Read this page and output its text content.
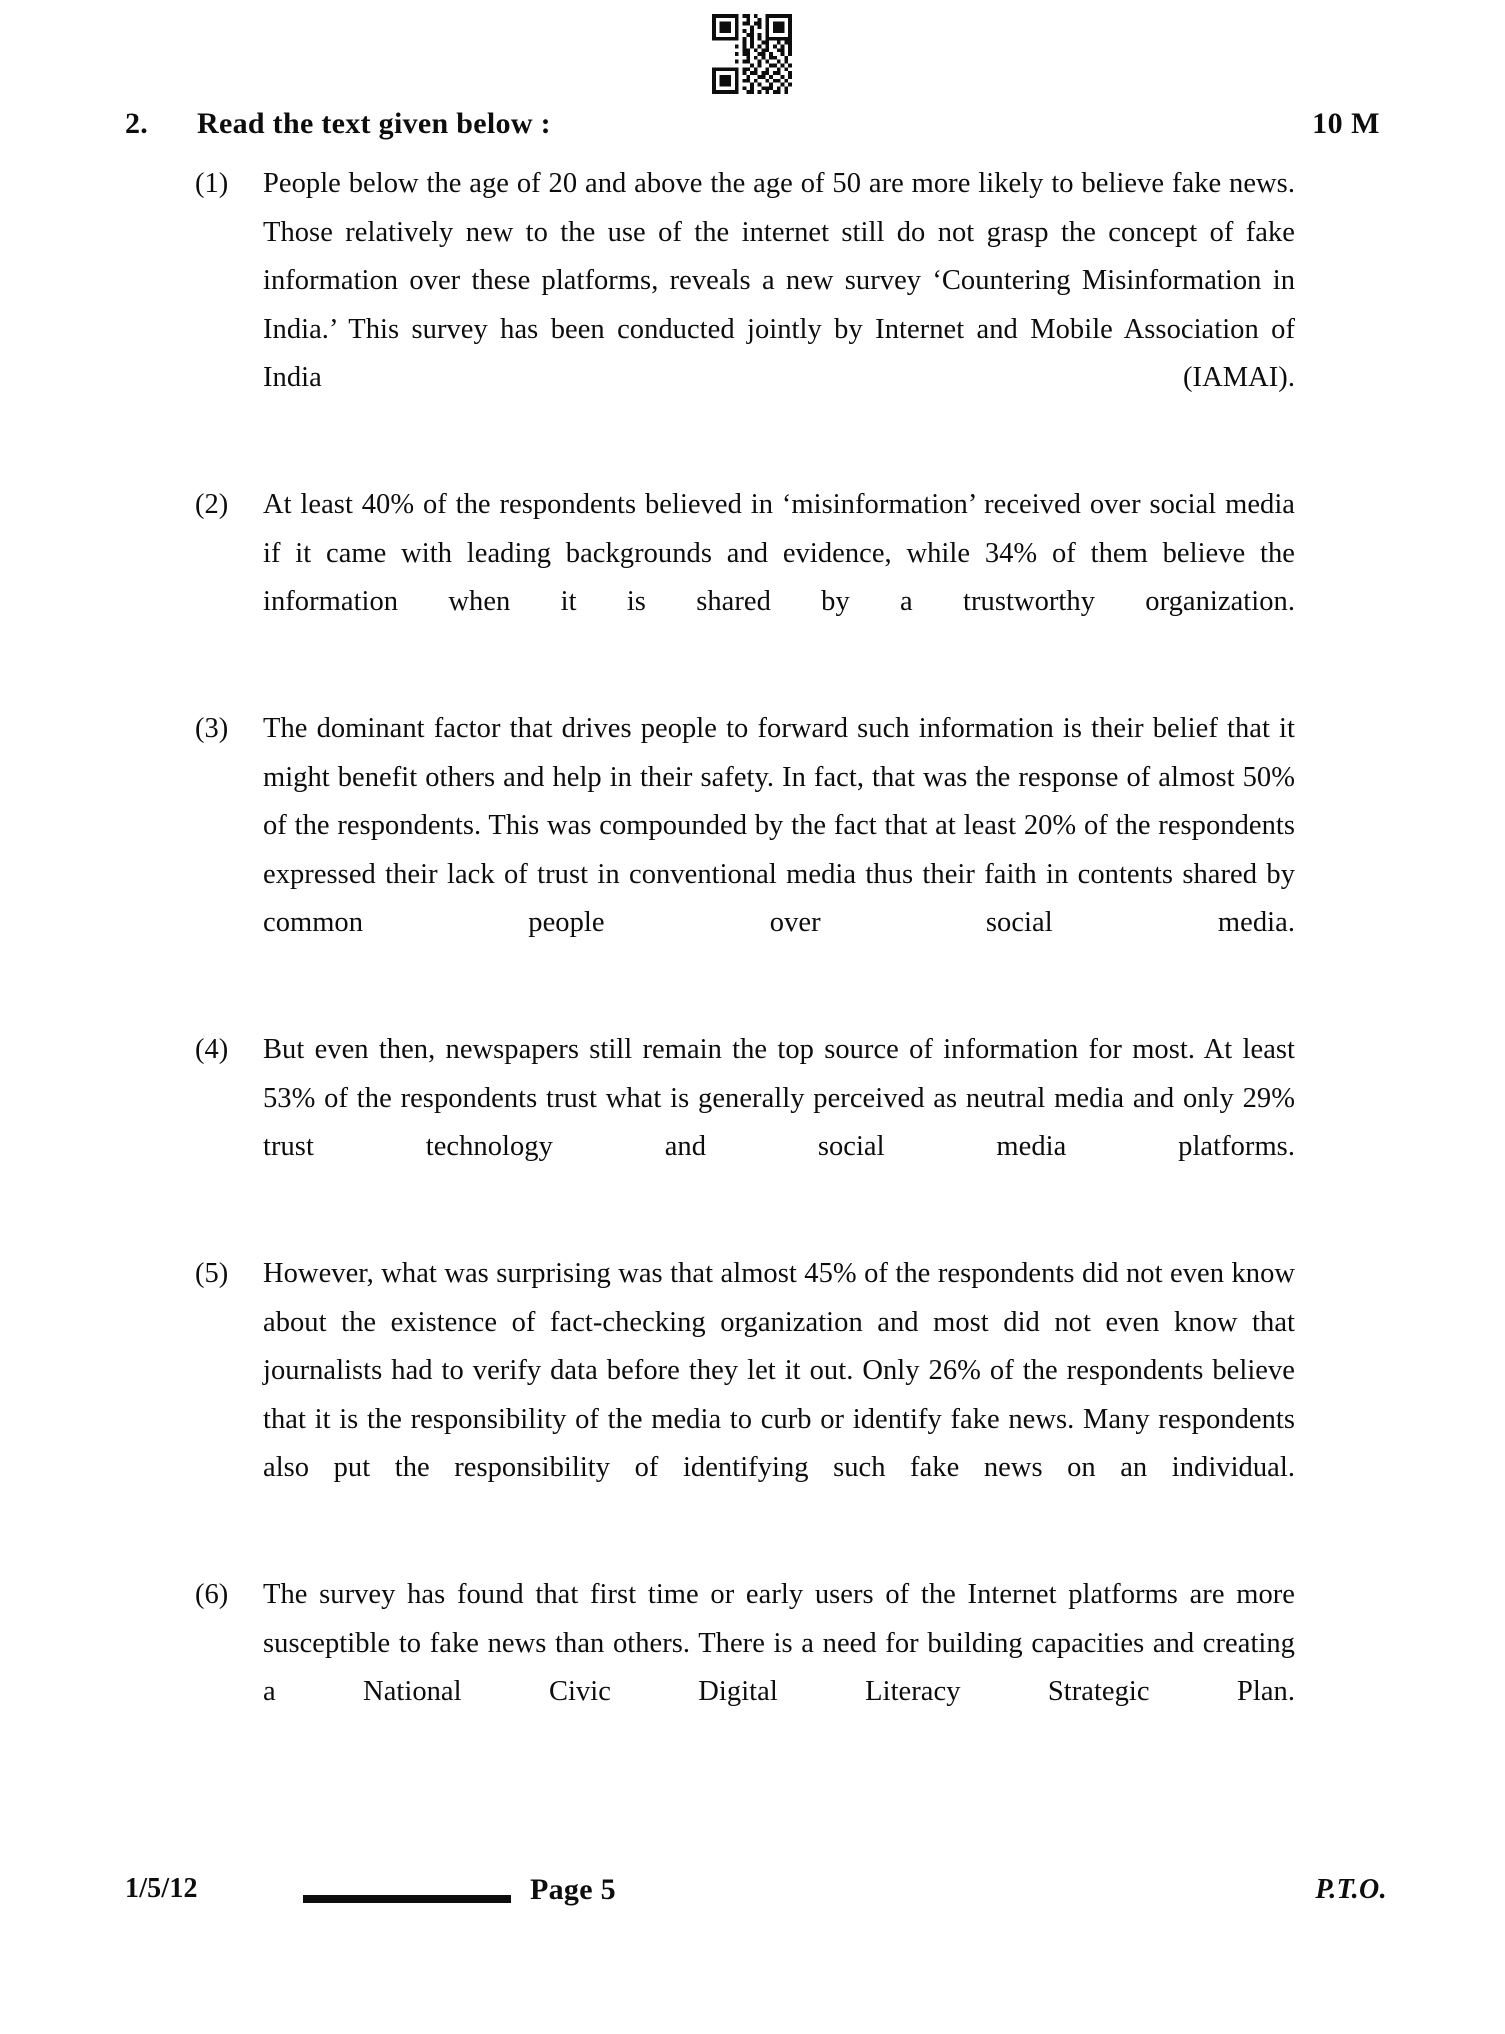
2.	Read the text given below :	10 M
(1)	People below the age of 20 and above the age of 50 are more likely to believe fake news. Those relatively new to the use of the internet still do not grasp the concept of fake information over these platforms, reveals a new survey ‘Countering Misinformation in India.’ This survey has been conducted jointly by Internet and Mobile Association of India (IAMAI).
(2)	At least 40% of the respondents believed in ‘misinformation’ received over social media if it came with leading backgrounds and evidence, while 34% of them believe the information when it is shared by a trustworthy organization.
(3)	The dominant factor that drives people to forward such information is their belief that it might benefit others and help in their safety. In fact, that was the response of almost 50% of the respondents. This was compounded by the fact that at least 20% of the respondents expressed their lack of trust in conventional media thus their faith in contents shared by common people over social media.
(4)	But even then, newspapers still remain the top source of information for most. At least 53% of the respondents trust what is generally perceived as neutral media and only 29% trust technology and social media platforms.
(5)	However, what was surprising was that almost 45% of the respondents did not even know about the existence of fact-checking organization and most did not even know that journalists had to verify data before they let it out. Only 26% of the respondents believe that it is the responsibility of the media to curb or identify fake news. Many respondents also put the responsibility of identifying such fake news on an individual.
(6)	The survey has found that first time or early users of the Internet platforms are more susceptible to fake news than others. There is a need for building capacities and creating a National Civic Digital Literacy Strategic Plan.
1/5/12	Page 5	P.T.O.
